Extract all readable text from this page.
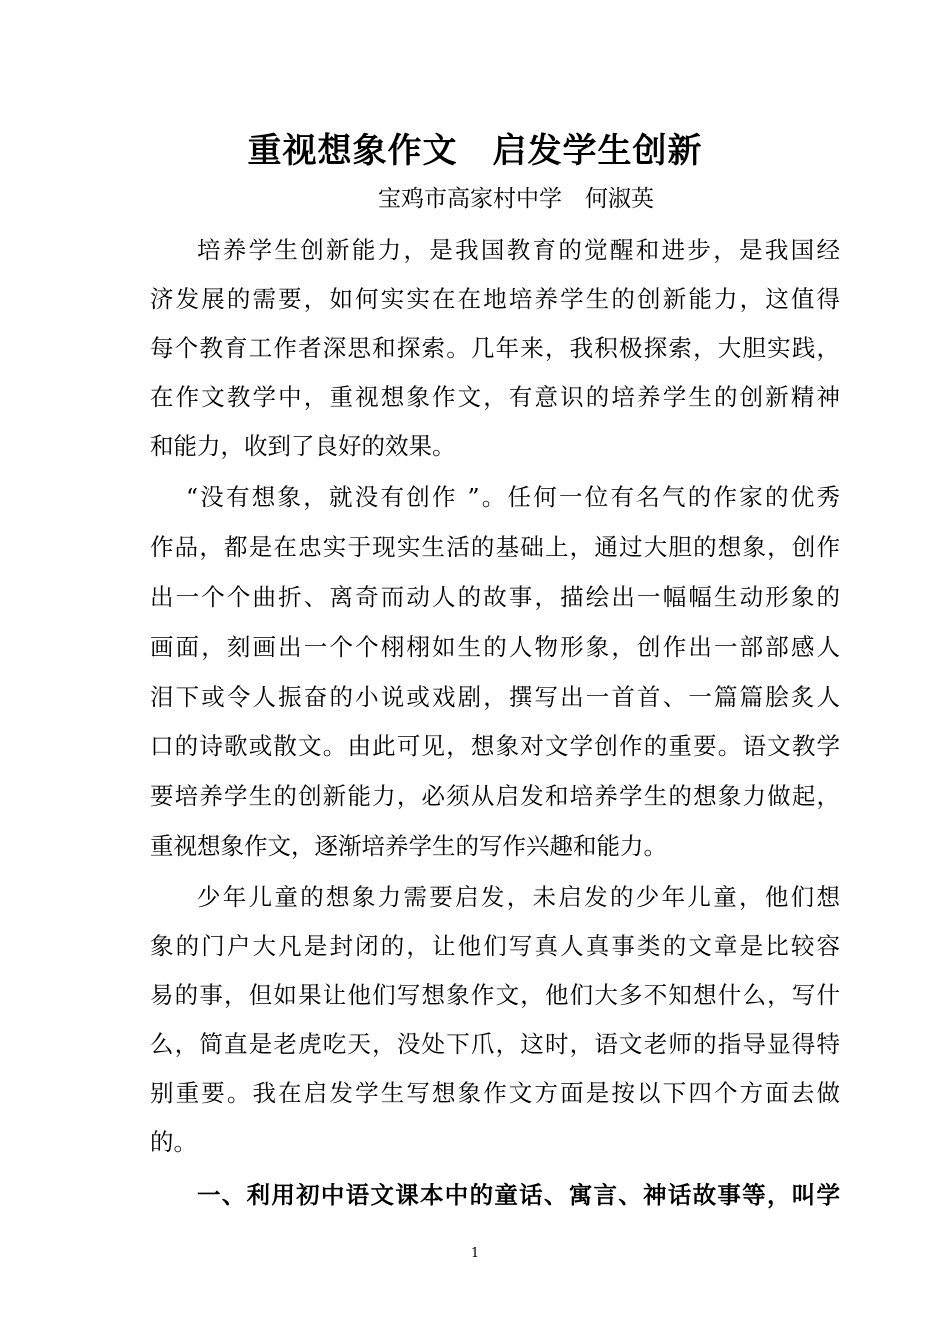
重视想象作文　启发学生创新
宝鸡市高家村中学　何淑英
培养学生创新能力，是我国教育的觉醒和进步，是我国经
济发展的需要，如何实实在在地培养学生的创新能力，这值得
每个教育工作者深思和探索。几年来，我积极探索，大胆实践，
在作文教学中，重视想象作文，有意识的培养学生的创新精神
和能力，收到了良好的效果。
“没有想象，就没有创作 ”。任何一位有名气的作家的优秀
作品，都是在忠实于现实生活的基础上，通过大胆的想象，创作
出一个个曲折、离奇而动人的故事，描绘出一幅幅生动形象的
画面，刻画出一个个栩栩如生的人物形象，创作出一部部感人
泪下或令人振奋的小说或戏剧，撰写出一首首、一篇篇脍炙人
口的诗歌或散文。由此可见，想象对文学创作的重要。语文教学
要培养学生的创新能力，必须从启发和培养学生的想象力做起，
重视想象作文，逐渐培养学生的写作兴趣和能力。
少年儿童的想象力需要启发，未启发的少年儿童，他们想
象的门户大凡是封闭的，让他们写真人真事类的文章是比较容
易的事，但如果让他们写想象作文，他们大多不知想什么，写什
么，简直是老虎吃天，没处下爪，这时，语文老师的指导显得特
别重要。我在启发学生写想象作文方面是按以下四个方面去做
的。
一、利用初中语文课本中的童话、寓言、神话故事等，叫学
1
